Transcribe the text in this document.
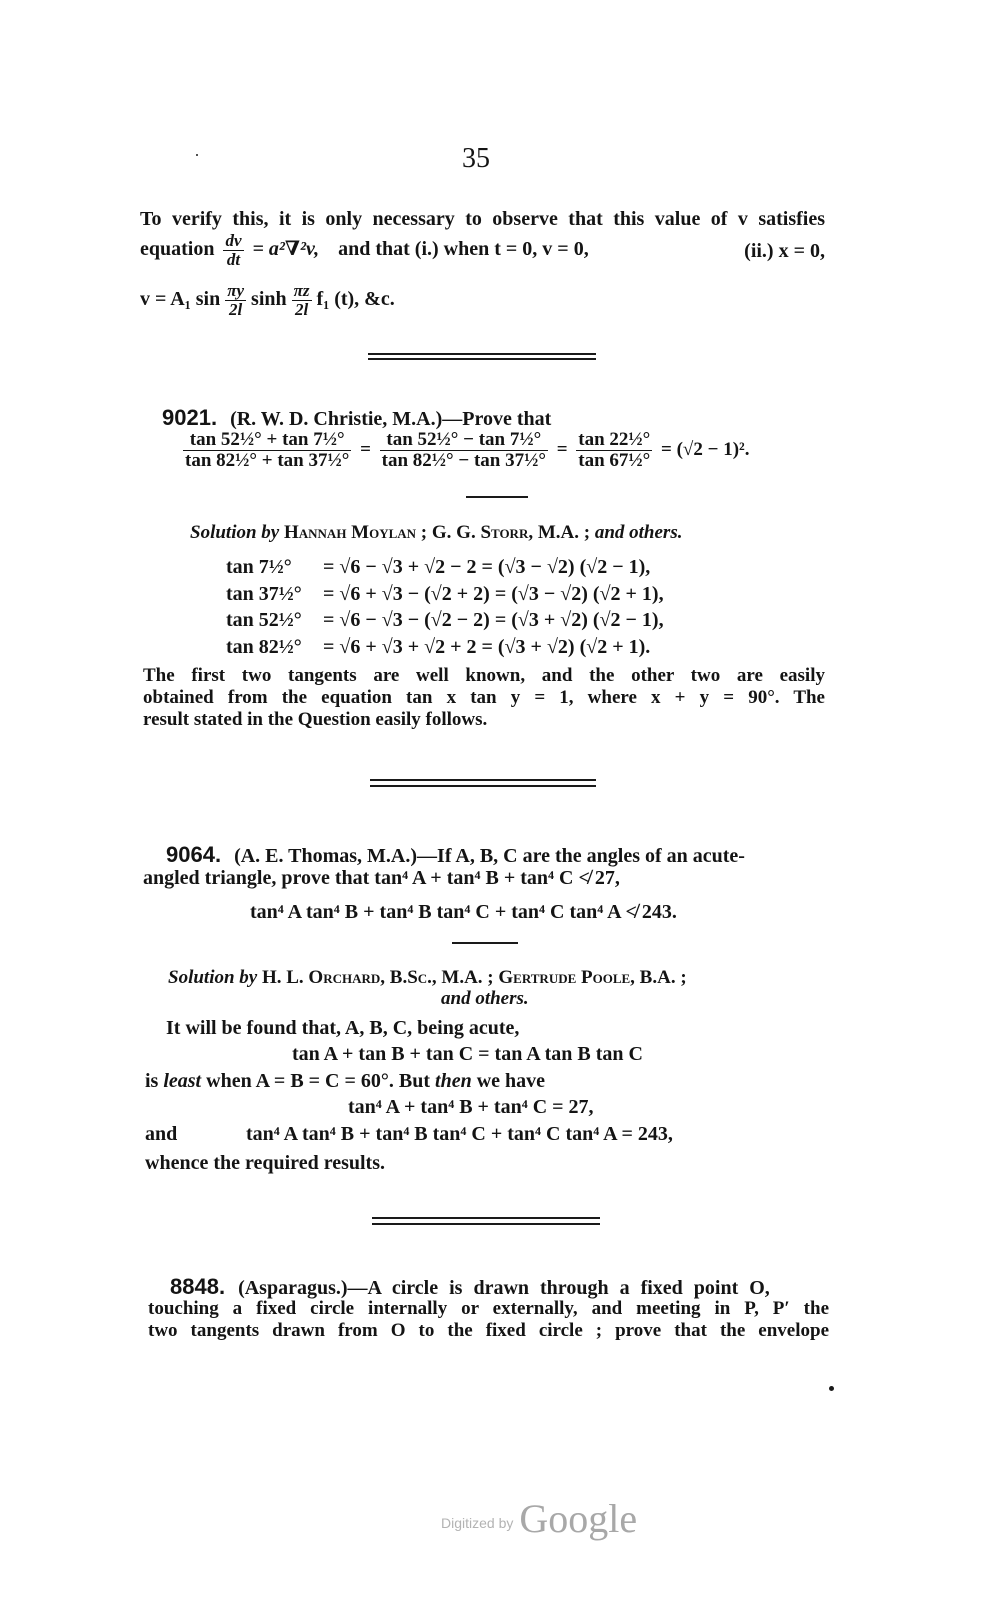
35
To verify this, it is only necessary to observe that this value of v satisfies
equation $\frac{dv}{dt} = a^2\nabla^2v$, and that (i.) when t = 0, v = 0,	(ii.) x = 0,
v = A₁ $\sin \frac{\pi y}{2l}$ $\sinh \frac{\pi z}{2l} f_1$ (t), &c.
9021. (R. W. D. Christie, M.A.)—Prove that
$\frac{\text{tan 52½° + tan 7½°}}{\text{tan 82½° + tan 37½°}} = \frac{\text{tan 52½° − tan 7½°}}{\text{tan 82½° − tan 37½°}} = \frac{\text{tan 22½°}}{\text{tan 67½°}} = (√2 - 1)^2$.
Solution by Hannah Moylan ; G. G. Storr, M.A. ; and others.
tan 7½° = √6 − √3 + √2 − 2 = (√3 − √2) (√2 − 1),
tan 37½° = √6 + √3 − (√2 + 2) = (√3 − √2) (√2 + 1),
tan 52½° = √6 − √3 − (√2 − 2) = (√3 + √2) (√2 − 1),
tan 82½° = √6 + √3 + √2 + 2 = (√3 + √2) (√2 + 1).
The first two tangents are well known, and the other two are easily
obtained from the equation tan x tan y = 1, where x + y = 90°. The
result stated in the Question easily follows.
9064. (A. E. Thomas, M.A.)—If A, B, C are the angles of an acute-
angled triangle, prove that tan⁴ A + tan⁴ B + tan⁴ C ≮ 27,
tan⁴ A tan⁴ B + tan⁴ B tan⁴ C + tan⁴ C tan⁴ A ≮ 243.
Solution by H. L. Orchard, B.Sc., M.A. ; Gertrude Poole, B.A. ;
and others.
It will be found that, A, B, C, being acute,
tan A + tan B + tan C = tan A tan B tan C
is least when A = B = C = 60°. But then we have
tan⁴ A + tan⁴ B + tan⁴ C = 27,
and	tan⁴ A tan⁴ B + tan⁴ B tan⁴ C + tan⁴ C tan⁴ A = 243,
whence the required results.
8848. (Asparagus.)—A circle is drawn through a fixed point O,
touching a fixed circle internally or externally, and meeting in P, P′ the
two tangents drawn from O to the fixed circle ; prove that the envelope
Digitized by Google
